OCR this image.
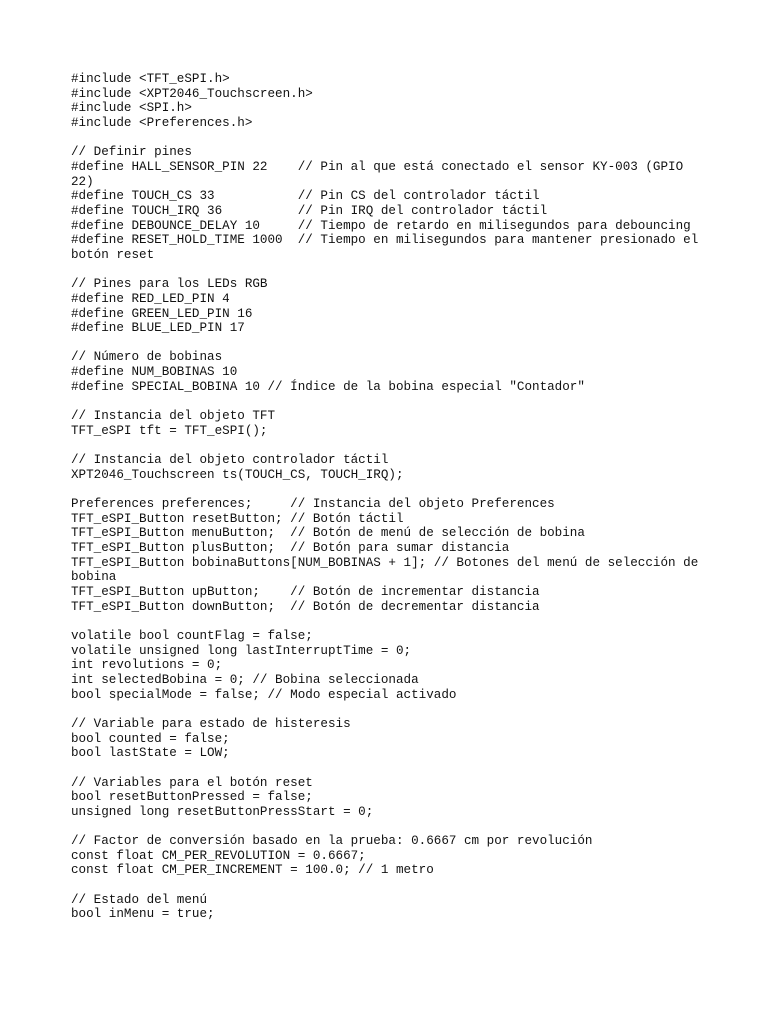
#include <TFT_eSPI.h>
#include <XPT2046_Touchscreen.h>
#include <SPI.h>
#include <Preferences.h>
// Definir pines
#define HALL_SENSOR_PIN 22    // Pin al que está conectado el sensor KY-003 (GPIO
22)
#define TOUCH_CS 33           // Pin CS del controlador táctil
#define TOUCH_IRQ 36          // Pin IRQ del controlador táctil
#define DEBOUNCE_DELAY 10     // Tiempo de retardo en milisegundos para debouncing
#define RESET_HOLD_TIME 1000  // Tiempo en milisegundos para mantener presionado el
botón reset
// Pines para los LEDs RGB
#define RED_LED_PIN 4
#define GREEN_LED_PIN 16
#define BLUE_LED_PIN 17
// Número de bobinas
#define NUM_BOBINAS 10
#define SPECIAL_BOBINA 10 // Índice de la bobina especial "Contador"
// Instancia del objeto TFT
TFT_eSPI tft = TFT_eSPI();
// Instancia del objeto controlador táctil
XPT2046_Touchscreen ts(TOUCH_CS, TOUCH_IRQ);
Preferences preferences;     // Instancia del objeto Preferences
TFT_eSPI_Button resetButton; // Botón táctil
TFT_eSPI_Button menuButton;  // Botón de menú de selección de bobina
TFT_eSPI_Button plusButton;  // Botón para sumar distancia
TFT_eSPI_Button bobinaButtons[NUM_BOBINAS + 1]; // Botones del menú de selección de
bobina
TFT_eSPI_Button upButton;    // Botón de incrementar distancia
TFT_eSPI_Button downButton;  // Botón de decrementar distancia
volatile bool countFlag = false;
volatile unsigned long lastInterruptTime = 0;
int revolutions = 0;
int selectedBobina = 0; // Bobina seleccionada
bool specialMode = false; // Modo especial activado
// Variable para estado de histeresis
bool counted = false;
bool lastState = LOW;
// Variables para el botón reset
bool resetButtonPressed = false;
unsigned long resetButtonPressStart = 0;
// Factor de conversión basado en la prueba: 0.6667 cm por revolución
const float CM_PER_REVOLUTION = 0.6667;
const float CM_PER_INCREMENT = 100.0; // 1 metro
// Estado del menú
bool inMenu = true;
